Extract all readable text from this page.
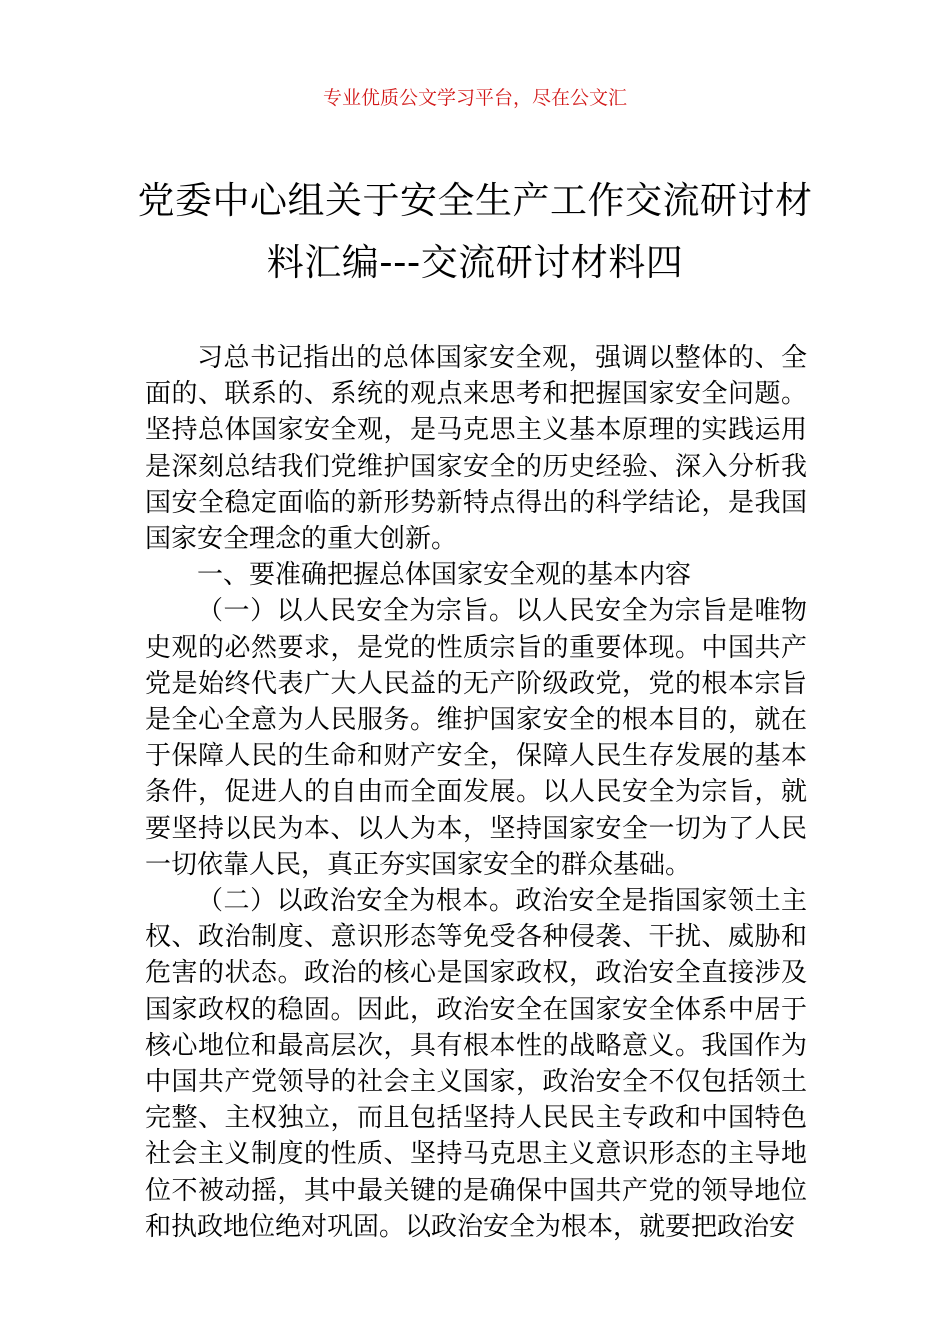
专业优质公文学习平台，尽在公文汇
党委中心组关于安全生产工作交流研讨材料汇编---交流研讨材料四

习总书记指出的总体国家安全观，强调以整体的、全面的、联系的、系统的观点来思考和把握国家安全问题。坚持总体国家安全观，是马克思主义基本原理的实践运用是深刻总结我们党维护国家安全的历史经验、深入分析我国安全稳定面临的新形势新特点得出的科学结论，是我国国家安全理念的重大创新。

一、要准确把握总体国家安全观的基本内容

（一）以人民安全为宗旨。以人民安全为宗旨是唯物史观的必然要求，是党的性质宗旨的重要体现。中国共产党是始终代表广大人民益的无产阶级政党，党的根本宗旨是全心全意为人民服务。维护国家安全的根本目的，就在于保障人民的生命和财产安全，保障人民生存发展的基本条件，促进人的自由而全面发展。以人民安全为宗旨，就要坚持以民为本、以人为本，坚持国家安全一切为了人民一切依靠人民，真正夯实国家安全的群众基础。

（二）以政治安全为根本。政治安全是指国家领土主权、政治制度、意识形态等免受各种侵袭、干扰、威胁和危害的状态。政治的核心是国家政权，政治安全直接涉及国家政权的稳固。因此，政治安全在国家安全体系中居于核心地位和最高层次，具有根本性的战略意义。我国作为中国共产党领导的社会主义国家，政治安全不仅包括领土完整、主权独立，而且包括坚持人民民主专政和中国特色社会主义制度的性质、坚持马克思主义意识形态的主导地位不被动摇，其中最关键的是确保中国共产党的领导地位和执政地位绝对巩固。以政治安全为根本，就要把政治安
